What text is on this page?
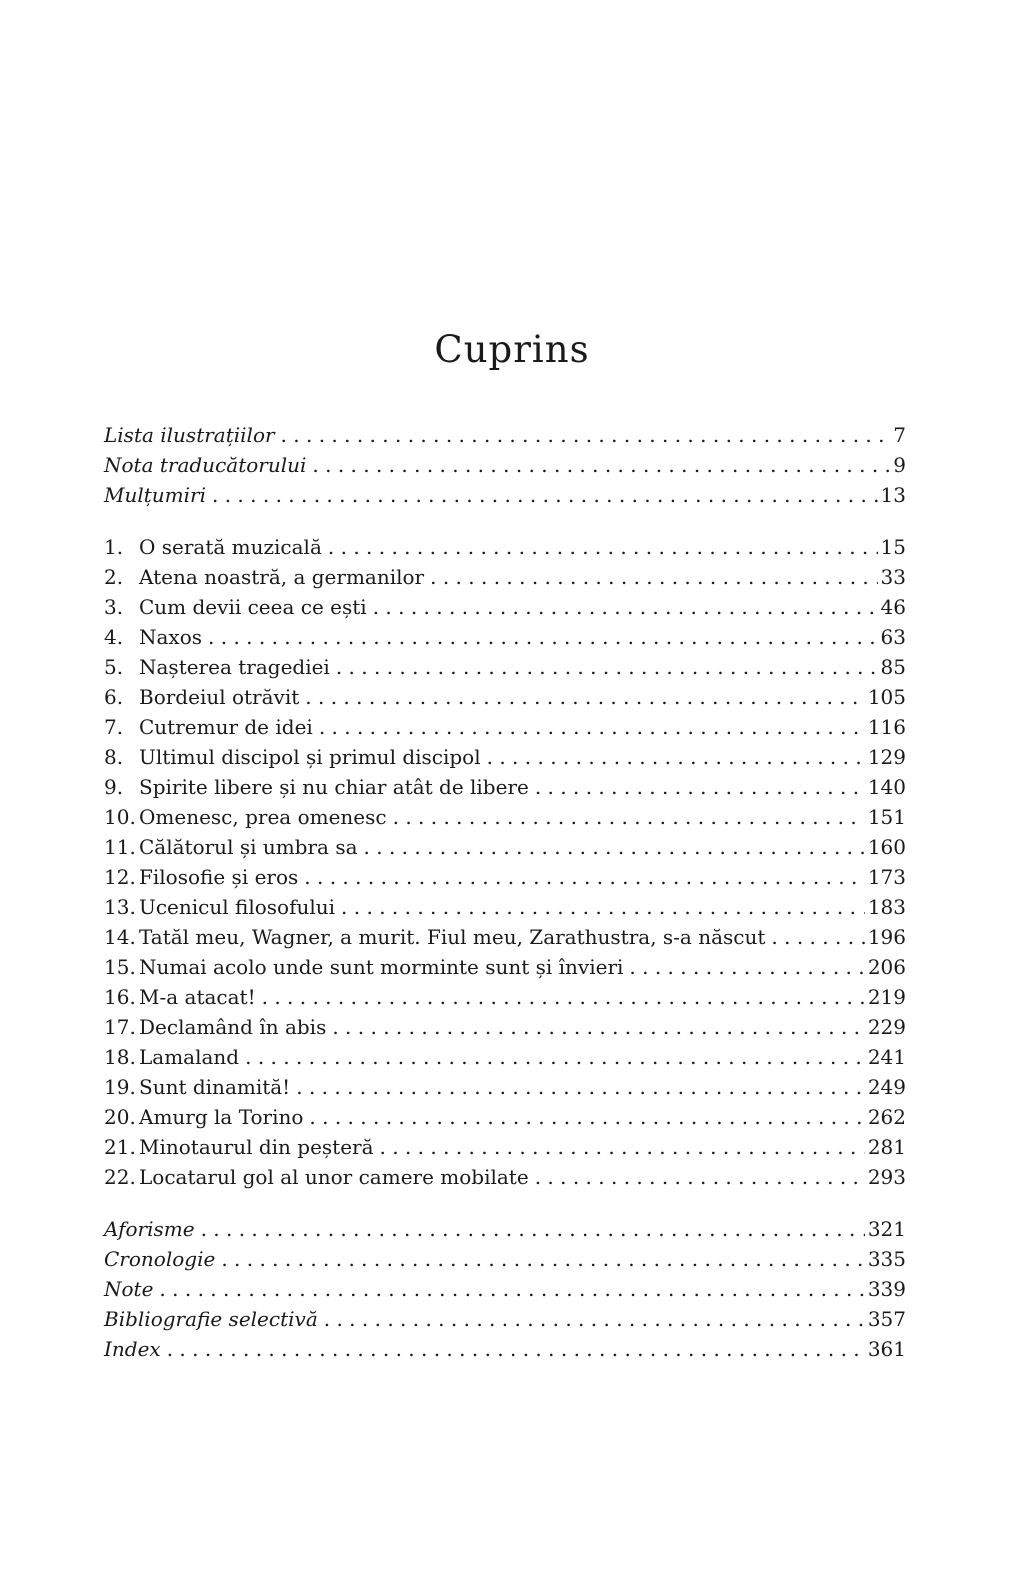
Cuprins
Lista ilustrațiilor . . .	7
Nota traducătorului . . .	9
Mulțumiri . . .	13
1. O serată muzicală . . .	15
2. Atena noastră, a germanilor . . .	33
3. Cum devii ceea ce ești . . .	46
4. Naxos . . .	63
5. Nașterea tragediei . . .	85
6. Bordeiul otrăvit . . .	105
7. Cutremur de idei . . .	116
8. Ultimul discipol și primul discipol . . .	129
9. Spirite libere și nu chiar atât de libere . . .	140
10. Omenesc, prea omenesc . . .	151
11. Călătorul și umbra sa . . .	160
12. Filosofie și eros . . .	173
13. Ucenicul filosofului . . .	183
14. Tatăl meu, Wagner, a murit. Fiul meu, Zarathustra, s-a născut . . .	196
15. Numai acolo unde sunt morminte sunt și învieri . . .	206
16. M-a atacat! . . .	219
17. Declamând în abis . . .	229
18. Lamaland . . .	241
19. Sunt dinamită! . . .	249
20. Amurg la Torino . . .	262
21. Minotaurul din peșteră . . .	281
22. Locatarul gol al unor camere mobilate . . .	293
Aforisme . . .	321
Cronologie . . .	335
Note . . .	339
Bibliografie selectivă . . .	357
Index . . .	361
